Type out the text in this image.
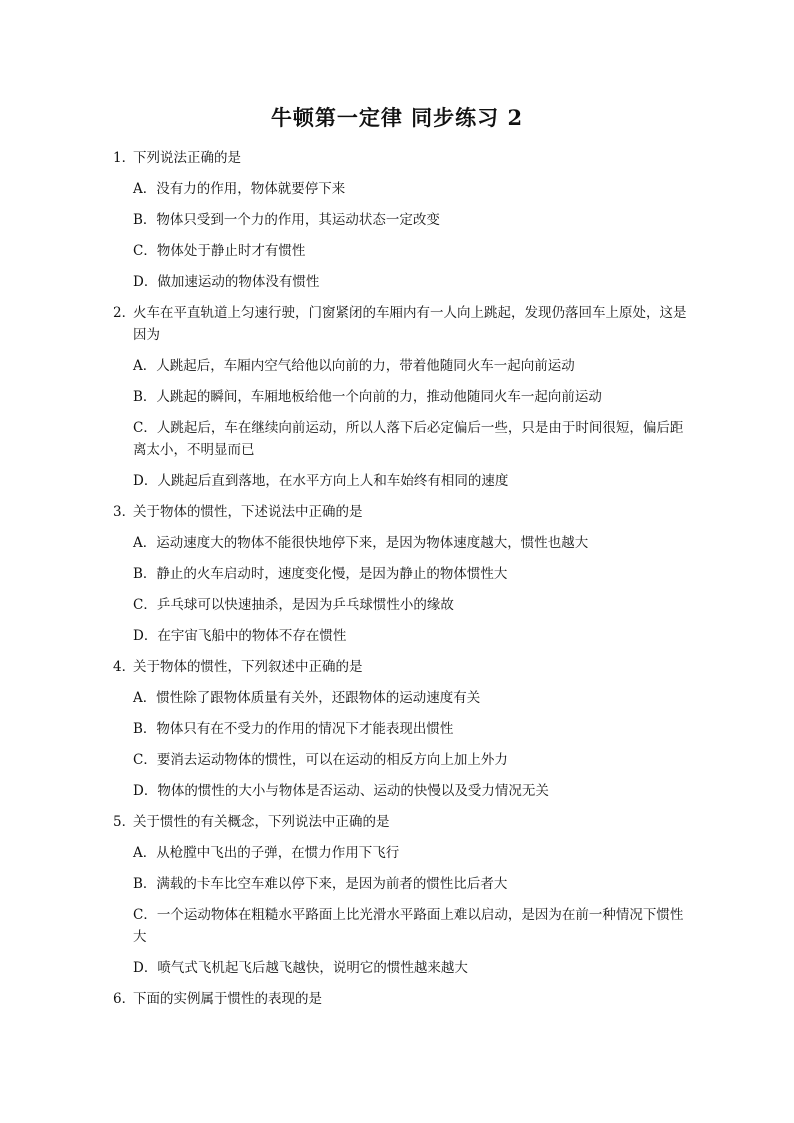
牛顿第一定律 同步练习 2
1．
下列说法正确的是
A．没有力的作用，物体就要停下来
B．物体只受到一个力的作用，其运动状态一定改变
C．物体处于静止时才有惯性
D．做加速运动的物体没有惯性
2．
火车在平直轨道上匀速行驶，门窗紧闭的车厢内有一人向上跳起，发现仍落回车上原处，这是因为
A．人跳起后，车厢内空气给他以向前的力，带着他随同火车一起向前运动
B．人跳起的瞬间，车厢地板给他一个向前的力，推动他随同火车一起向前运动
C．人跳起后，车在继续向前运动，所以人落下后必定偏后一些，只是由于时间很短，偏后距离太小，不明显而已
D．人跳起后直到落地，在水平方向上人和车始终有相同的速度
3．
关于物体的惯性，下述说法中正确的是
A．运动速度大的物体不能很快地停下来，是因为物体速度越大，惯性也越大
B．静止的火车启动时，速度变化慢，是因为静止的物体惯性大
C．乒乓球可以快速抽杀，是因为乒乓球惯性小的缘故
D．在宇宙飞船中的物体不存在惯性
4．
关于物体的惯性，下列叙述中正确的是
A．惯性除了跟物体质量有关外，还跟物体的运动速度有关
B．物体只有在不受力的作用的情况下才能表现出惯性
C．要消去运动物体的惯性，可以在运动的相反方向上加上外力
D．物体的惯性的大小与物体是否运动、运动的快慢以及受力情况无关
5．
关于惯性的有关概念，下列说法中正确的是
A．从枪膛中飞出的子弹，在惯力作用下飞行
B．满载的卡车比空车难以停下来，是因为前者的惯性比后者大
C．一个运动物体在粗糙水平路面上比光滑水平路面上难以启动，是因为在前一种情况下惯性大
D．喷气式飞机起飞后越飞越快，说明它的惯性越来越大
6．
下面的实例属于惯性的表现的是
